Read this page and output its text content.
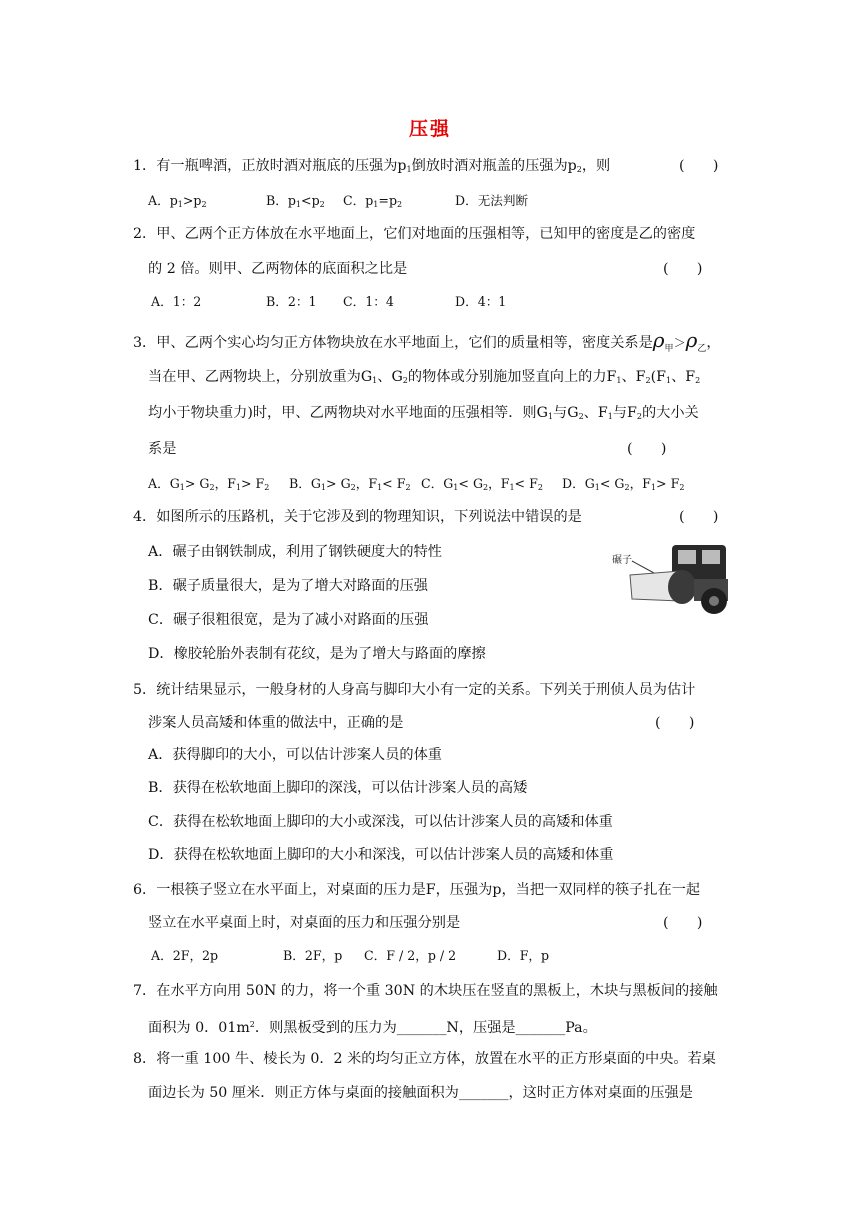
压强
1．有一瓶啤酒，正放时酒对瓶底的压强为$p_1$倒放时酒对瓶盖的压强为$p_2$，则	(　　)
A．$p_1>p_2$	B．$p_1<p_2$ C．$p_1=p_2$	D．无法判断
2．甲、乙两个正方体放在水平地面上，它们对地面的压强相等，已知甲的密度是乙的密度
的 2 倍。则甲、乙两物体的底面积之比是	(　　)
A．1：2	B．2：1 C．1：4	D．4：1
3．甲、乙两个实心均匀正方体物块放在水平地面上，它们的质量相等，密度关系是$\rho_甲>\rho_乙$，
当在甲、乙两物块上，分别放重为$G_1$、$G_2$的物体或分别施加竖直向上的力$F_1$、$F_2(F_1$、$F_2$
均小于物块重力)时，甲、乙两物块对水平地面的压强相等．则$G_1$与$G_2$、$F_1$与$F_2$的大小关
系是	(　　)
A．$G_1> G_2$，$F_1> F_2$ B．$G_1> G_2$，$F_1< F_2$ C．$G_1< G_2$，$F_1< F_2$ D．$G_1< G_2$，$F_1> F_2$
4．如图所示的压路机，关于它涉及到的物理知识，下列说法中错误的是	(　　)
A．碾子由钢铁制成，利用了钢铁硬度大的特性
B．碾子质量很大，是为了增大对路面的压强
C．碾子很粗很宽，是为了减小对路面的压强
D．橡胶轮胎外表制有花纹，是为了增大与路面的摩擦
碾子
5．统计结果显示，一般身材的人身高与脚印大小有一定的关系。下列关于刑侦人员为估计
涉案人员高矮和体重的做法中，正确的是	(　　)
A．获得脚印的大小，可以估计涉案人员的体重
B．获得在松软地面上脚印的深浅，可以估计涉案人员的高矮
C．获得在松软地面上脚印的大小或深浅，可以估计涉案人员的高矮和体重
D．获得在松软地面上脚印的大小和深浅，可以估计涉案人员的高矮和体重
6．一根筷子竖立在水平面上，对桌面的压力是F，压强为p，当把一双同样的筷子扎在一起
竖立在水平桌面上时，对桌面的压力和压强分别是	(　　)
A．2F，2p	B．2F，p C．F / 2，p / 2	D．F，p
7．在水平方向用 50N 的力，将一个重 30N 的木块压在竖直的黑板上，木块与黑板间的接触
面积为 0．$01m^2$．则黑板受到的压力为_______N，压强是_______Pa。
8．将一重 100 牛、棱长为 0．2 米的均匀正立方体，放置在水平的正方形桌面的中央。若桌
面边长为 50 厘米．则正方体与桌面的接触面积为_______，这时正方体对桌面的压强是
